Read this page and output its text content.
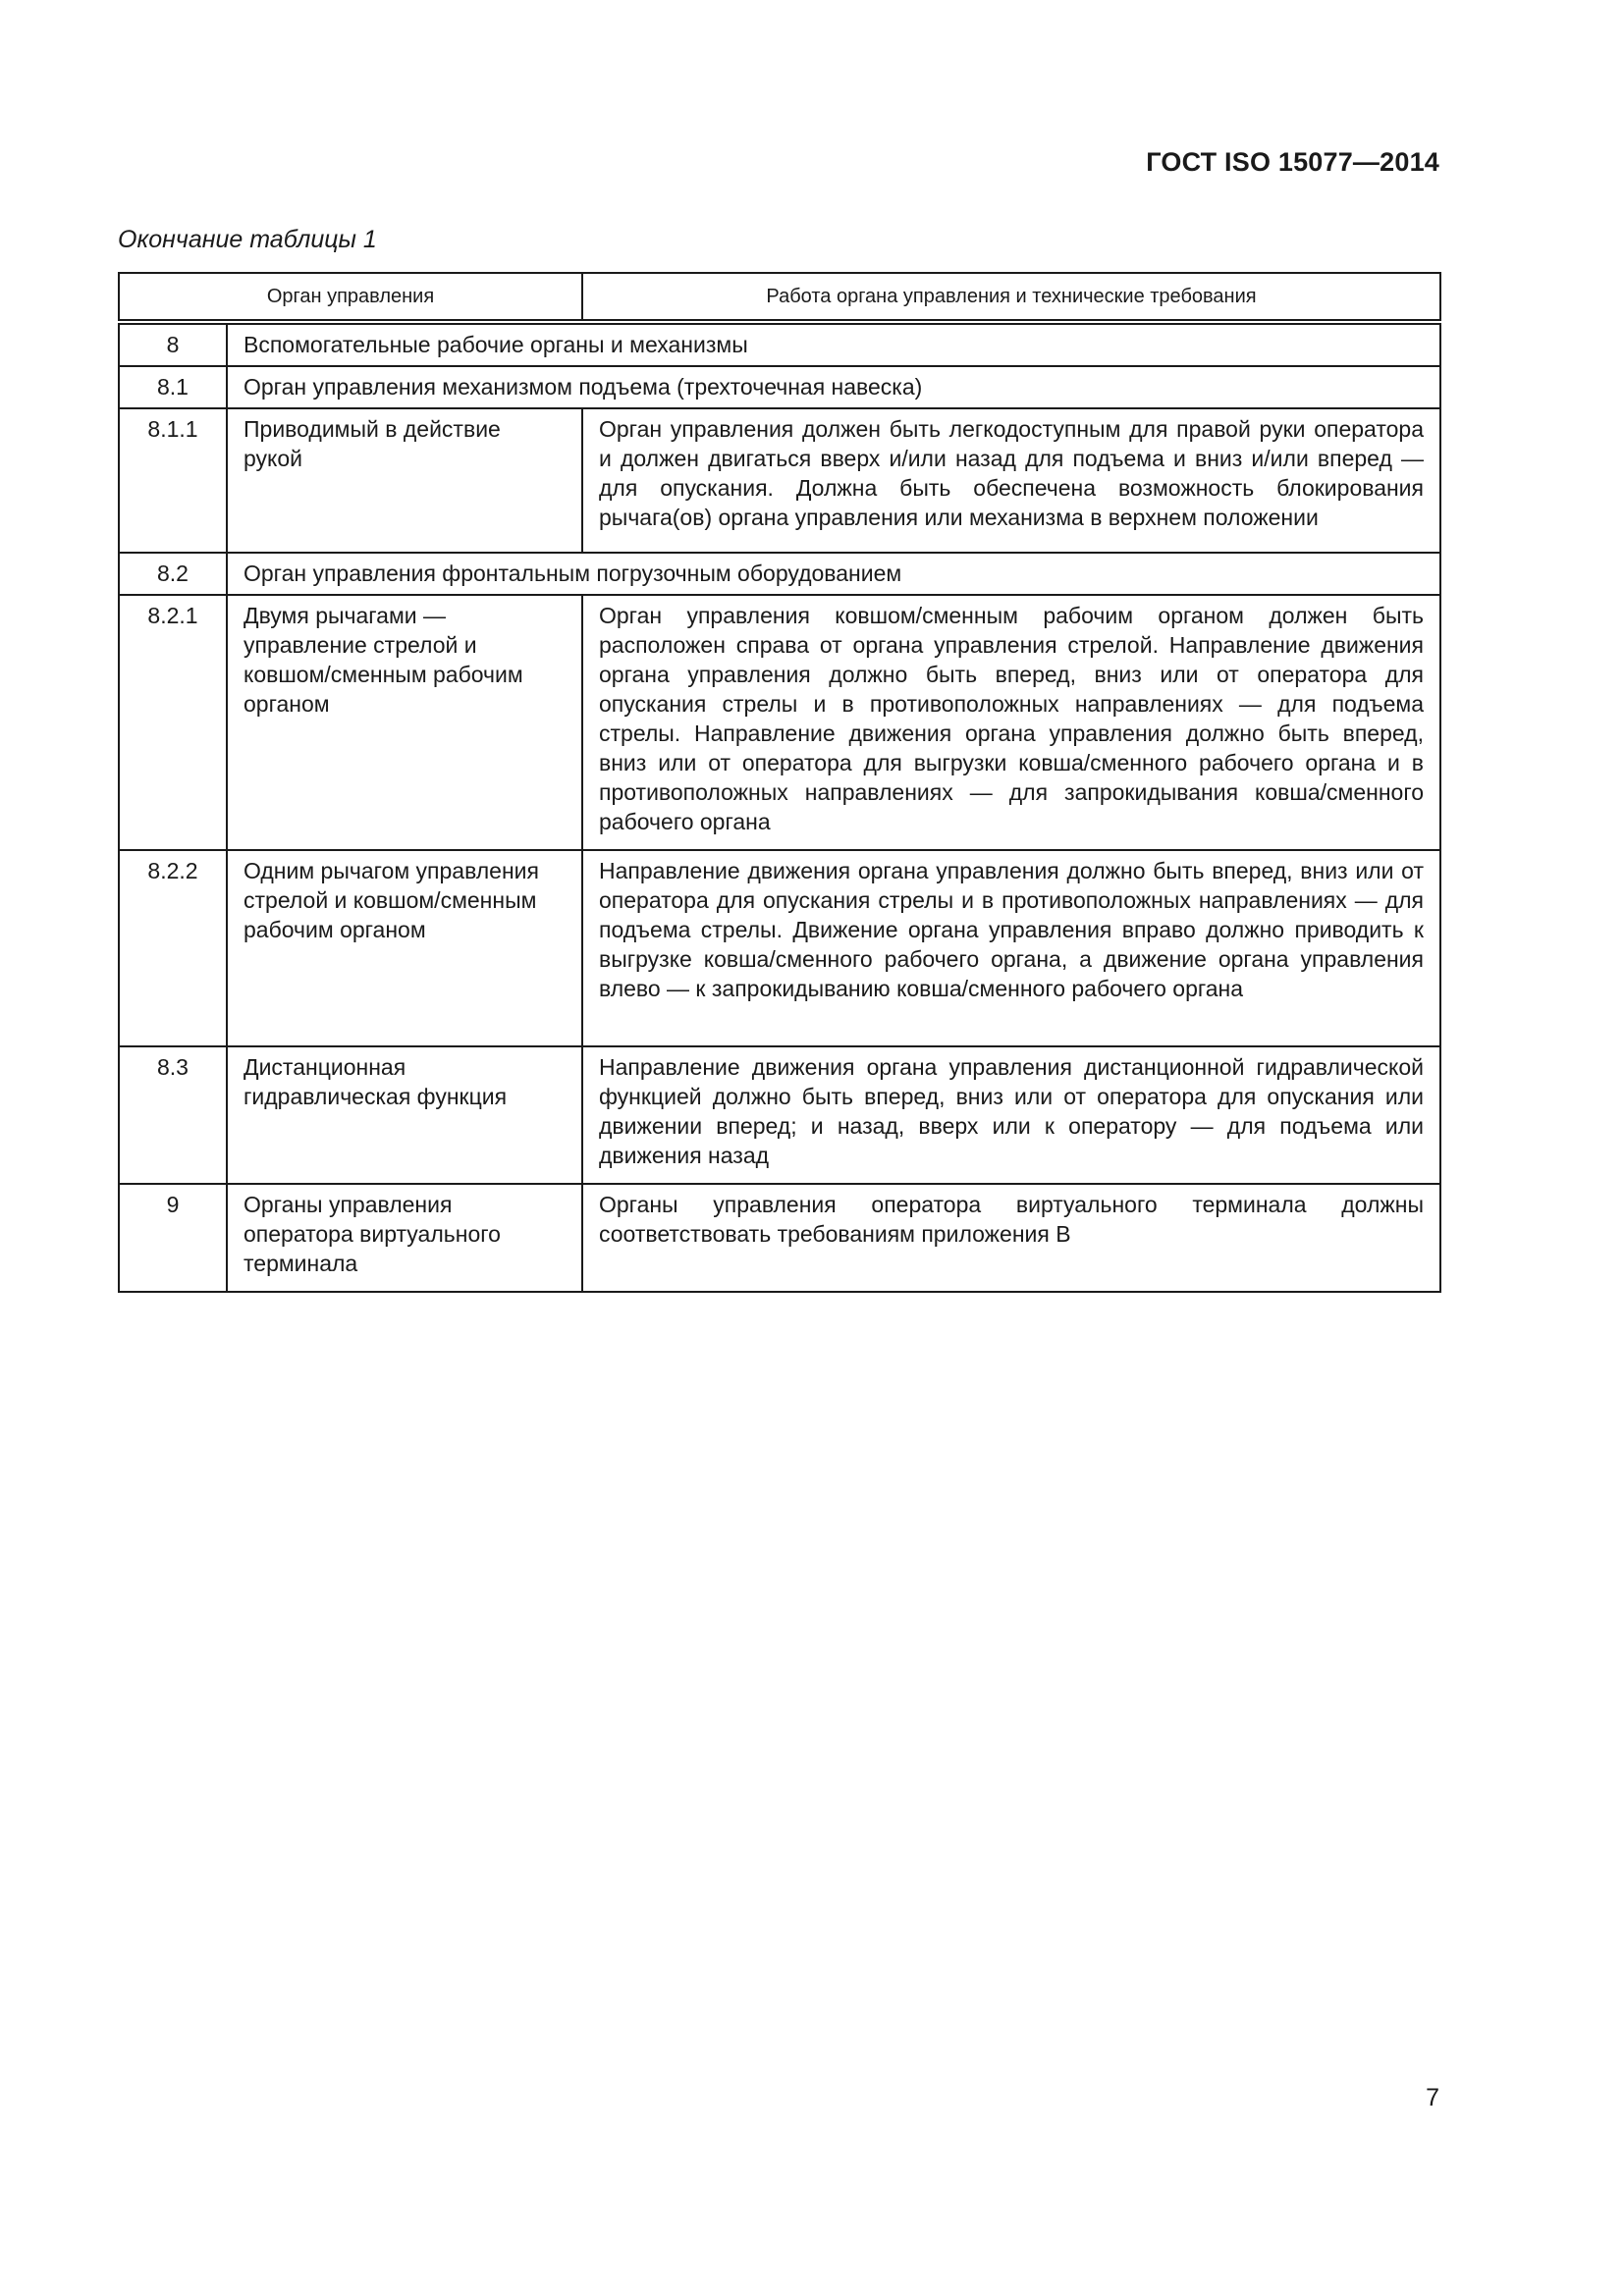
ГОСТ ISO 15077—2014
Окончание таблицы 1
Орган управления		Работа органа управления и технические требования
8	Вспомогательные рабочие органы и механизмы	
8.1	Орган управления механизмом подъема (трехточечная навеска)	
8.1.1	Приводимый в действие рукой	Орган управления должен быть легкодоступным для правой руки оператора и должен двигаться вверх и/или назад для подъема и вниз и/или вперед — для опускания. Должна быть обеспечена возможность блокирования рычага(ов) органа управления или механизма в верхнем положении
8.2	Орган управления фронтальным погрузочным оборудованием	
8.2.1	Двумя рычагами — управление стрелой и ковшом/сменным рабочим органом	Орган управления ковшом/сменным рабочим органом должен быть расположен справа от органа управления стрелой. Направление движения органа управления должно быть вперед, вниз или от оператора для опускания стрелы и в противоположных направлениях — для подъема стрелы. Направление движения органа управления должно быть вперед, вниз или от оператора для выгрузки ковша/сменного рабочего органа и в противоположных направлениях — для запрокидывания ковша/сменного рабочего органа
8.2.2	Одним рычагом управления стрелой и ковшом/сменным рабочим органом	Направление движения органа управления должно быть вперед, вниз или от оператора для опускания стрелы и в противоположных направлениях — для подъема стрелы. Движение органа управления вправо должно приводить к выгрузке ковша/сменного рабочего органа, а движение органа управления влево — к запрокидыванию ковша/сменного рабочего органа
8.3	Дистанционная гидравлическая функция	Направление движения органа управления дистанционной гидравлической функцией должно быть вперед, вниз или от оператора для опускания или движении вперед; и назад, вверх или к оператору — для подъема или движения назад
9	Органы управления оператора виртуального терминала	Органы управления оператора виртуального терминала должны соответствовать требованиям приложения В
7
